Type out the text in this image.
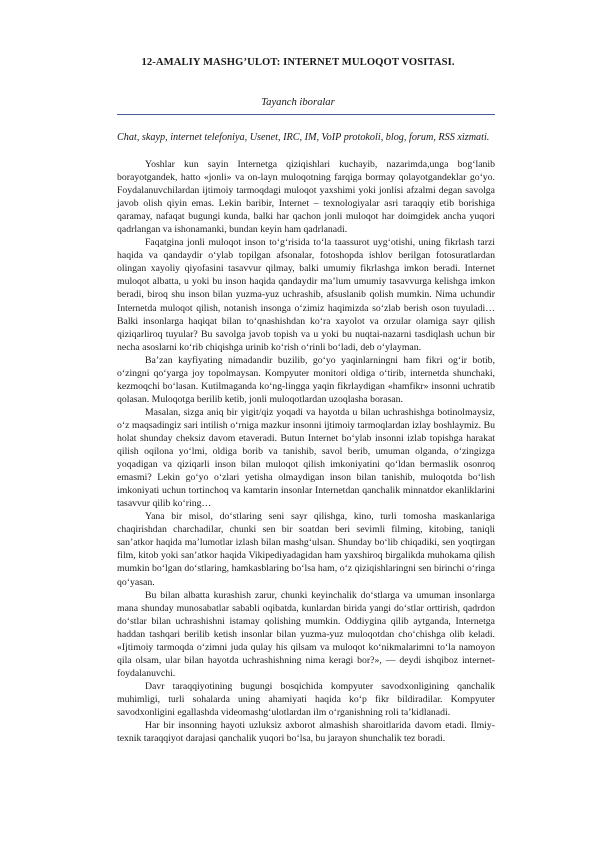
12-AMALIY MASHG’ULOT: INTERNET MULOQOT VOSITASI.
Tayanch iboralar
Chat, skayp, internet telefoniya, Usenet, IRC, IM, VoIP protokoli, blog, forum, RSS xizmati.

Yoshlar kun sayin Internetga qiziqishlari kuchayib, nazarimda,unga bog‘lanib borayotgandek, hatto «jonli» va on-layn muloqotning farqiga bormay qolayotgandeklar go‘yo. Foydalanuvchilardan ijtimoiy tarmoqdagi muloqot yaxshimi yoki jonlisi afzalmi degan savolga javob olish qiyin emas. Lekin baribir, Internet – texnologiyalar asri taraqqiy etib borishiga qaramay, nafaqat bugungi kunda, balki har qachon jonli muloqot har doimgidek ancha yuqori qadrlangan va ishonamanki, bundan keyin ham qadrlanadi.

Faqatgina jonli muloqot inson to‘g‘risida to‘la taassurot uyg‘otishi, uning fikrlash tarzi haqida va qandaydir o‘ylab topilgan afsonalar, fotoshopda ishlov berilgan fotosuratlardan olingan xayoliy qiyofasini tasavvur qilmay, balki umumiy fikrlashga imkon beradi. Internet muloqot albatta, u yoki bu inson haqida qandaydir ma’lum umumiy tasavvurga kelishga imkon beradi, biroq shu inson bilan yuzma-yuz uchrashib, afsuslanib qolish mumkin. Nima uchundir Internetda muloqot qilish, notanish insonga o‘zimiz haqimizda so‘zlab berish oson tuyuladi… Balki insonlarga haqiqat bilan to‘qnashishdan ko‘ra xayolot va orzular olamiga sayr qilish qiziqarliroq tuyular? Bu savolga javob topish va u yoki bu nuqtai-nazarni tasdiqlash uchun bir necha asoslarni ko‘rib chiqishga urinib ko‘rish o‘rinli bo‘ladi, deb o‘ylayman.

Ba’zan kayfiyating nimadandir buzilib, go‘yo yaqinlarningni ham fikri og‘ir botib, o‘zingni qo‘yarga joy topolmaysan. Kompyuter monitori oldiga o‘tirib, internetda shunchaki, kezmoqchi bo‘lasan. Kutilmaganda ko‘ng-lingga yaqin fikrlaydigan «hamfikr» insonni uchratib qolasan. Muloqotga berilib ketib, jonli muloqotlardan uzoqlasha borasan.

Masalan, sizga aniq bir yigit/qiz yoqadi va hayotda u bilan uchrashishga botinolmaysiz, o‘z maqsadingiz sari intilish o‘rniga mazkur insonni ijtimoiy tarmoqlardan izlay boshlaymiz. Bu holat shunday cheksiz davom etaveradi. Butun Internet bo‘ylab insonni izlab topishga harakat qilish oqilona yo‘lmi, oldiga borib va tanishib, savol berib, umuman olganda, o‘zingizga yoqadigan va qiziqarli inson bilan muloqot qilish imkoniyatini qo‘ldan bermaslik osonroq emasmi? Lekin go‘yo o‘zlari yetisha olmaydigan inson bilan tanishib, muloqotda bo‘lish imkoniyati uchun tortinchoq va kamtarin insonlar Internetdan qanchalik minnatdor ekanliklarini tasavvur qilib ko‘ring…

Yana bir misol, do‘stlaring seni sayr qilishga, kino, turli tomosha maskanlariga chaqirishdan charchadilar, chunki sen bir soatdan beri sevimli filming, kitobing, taniqli san’atkor haqida ma’lumotlar izlash bilan mashg‘ulsan. Shunday bo‘lib chiqadiki, sen yoqtirgan film, kitob yoki san’atkor haqida Vikipediyadagidan ham yaxshiroq birgalikda muhokama qilish mumkin bo‘lgan do‘stlaring, hamkasblaring bo‘lsa ham, o‘z qiziqishlaringni sen birinchi o‘ringa qo‘yasan.

Bu bilan albatta kurashish zarur, chunki keyinchalik do‘stlarga va umuman insonlarga mana shunday munosabatlar sababli oqibatda, kunlardan birida yangi do‘stlar orttirish, qadrdon do‘stlar bilan uchrashishni istamay qolishing mumkin. Oddiygina qilib aytganda, Internetga haddan tashqari berilib ketish insonlar bilan yuzma-yuz muloqotdan cho‘chishga olib keladi. «Ijtimoiy tarmoqda o‘zimni juda qulay his qilsam va muloqot ko‘nikmalarimni to‘la namoyon qila olsam, ular bilan hayotda uchrashishning nima keragi bor?», — deydi ishqiboz internet-foydalanuvchi.

Davr taraqqiyotining bugungi bosqichida kompyuter savodxonligining qanchalik muhimligi, turli sohalarda uning ahamiyati haqida ko‘p fikr bildiradilar. Kompyuter savodxonligini egallashda videomashg‘ulotlardan ilm o‘rganishning roli ta’kidlanadi.

Har bir insonning hayoti uzluksiz axborot almashish sharoitlarida davom etadi. Ilmiy-texnik taraqqiyot darajasi qanchalik yuqori bo‘lsa, bu jarayon shunchalik tez boradi.
